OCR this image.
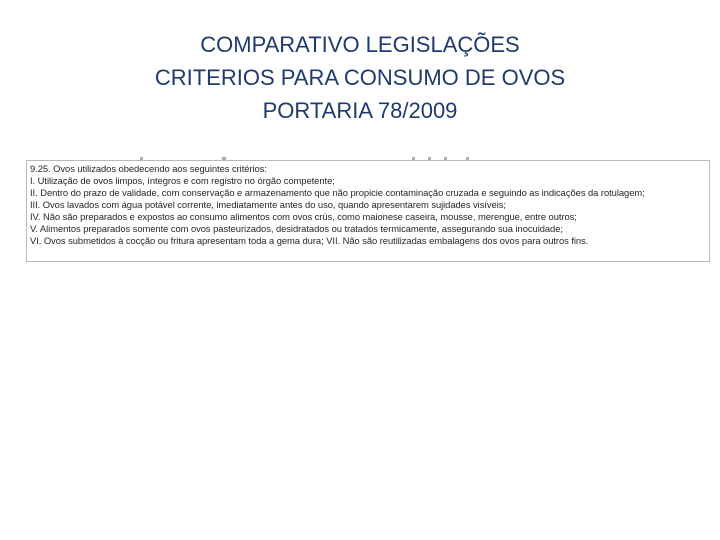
COMPARATIVO LEGISLAÇÕES
CRITERIOS PARA CONSUMO DE OVOS
PORTARIA 78/2009
9.25. Ovos utilizados obedecendo aos seguintes critérios:
I. Utilização de ovos limpos, íntegros e com registro no órgão competente;
II. Dentro do prazo de validade, com conservação e armazenamento que não propicie contaminação cruzada e seguindo as indicações da rotulagem;
III. Ovos lavados com água potável corrente, imediatamente antes do uso, quando apresentarem sujidades visíveis;
IV. Não são preparados e expostos ao consumo alimentos com ovos crús, como maionese caseira, mousse, merengue, entre outros;
V. Alimentos preparados somente com ovos pasteurizados, desidratados ou tratados termicamente, assegurando sua inocuidade;
VI. Ovos submetidos à cocção ou fritura apresentam toda a gema dura; VII. Não são reutilizadas embalagens dos ovos para outros fins.
